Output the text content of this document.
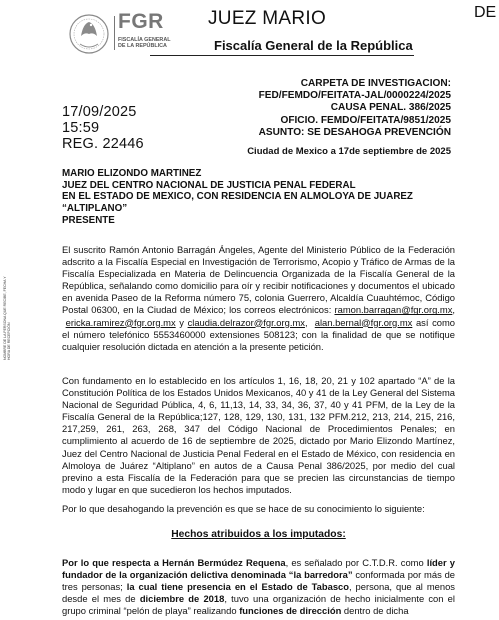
FGR
FISCALÍA GENERAL
DE LA REPÚBLICA
JUEZ MARIO	DE
Fiscalía General de la República
CARPETA DE INVESTIGACION:
FED/FEMDO/FEITATA-JAL/0000224/2025
CAUSA PENAL. 386/2025
OFICIO. FEMDO/FEITATA/9851/2025
ASUNTO: SE DESAHOGA PREVENCIÓN
17/09/2025
15:59
REG. 22446	Ciudad de Mexico a 17de septiembre de 2025
MARIO ELIZONDO MARTINEZ
JUEZ DEL CENTRO NACIONAL DE JUSTICIA PENAL FEDERAL
EN EL ESTADO DE MEXICO, CON RESIDENCIA EN ALMOLOYA DE JUAREZ
“ALTIPLANO”
PRESENTE
NOMBRE DE LA PERSONA QUE RECIBE, FECHA Y HORA DE RECEPCIÓN
El suscrito Ramón Antonio Barragán Ángeles, Agente del Ministerio Público de la Federación adscrito a la Fiscalía Especial en Investigación de Terrorismo, Acopio y Tráfico de Armas de la Fiscalía Especializada en Materia de Delincuencia Organizada de la Fiscalía General de la República, señalando como domicilio para oír y recibir notificaciones y documentos el ubicado en avenida Paseo de la Reforma número 75, colonia Guerrero, Alcaldía Cuauhtémoc, Código Postal 06300, en la Ciudad de México; los correos electrónicos: ramon.barragan@fgr.org.mx,  ericka.ramirez@fgr.org.mx y claudia.delrazor@fgr.org.mx,  alan.bernal@fgr.org.mx así como el número telefónico 5553460000 extensiones 508123; con la finalidad de que se notifique cualquier resolución dictada en atención a la presente petición.
Con fundamento en lo establecido en los artículos 1, 16, 18, 20, 21 y 102 apartado “A” de la Constitución Política de los Estados Unidos Mexicanos, 40 y 41 de la Ley General del Sistema Nacional de Seguridad Pública, 4, 6, 11,13, 14, 33, 34, 36, 37, 40 y 41 PFM, de la Ley de la Fiscalía General de la República;127, 128, 129, 130, 131, 132 PFM.212, 213, 214, 215, 216, 217,259, 261, 263, 268, 347 del Código Nacional de Procedimientos Penales; en cumplimiento al acuerdo de 16 de septiembre de 2025, dictado por Mario Elizondo Martínez, Juez del Centro Nacional de Justicia Penal Federal en el Estado de México, con residencia en Almoloya de Juárez “Altiplano” en autos de a Causa Penal 386/2025, por medio del cual previno a esta Fiscalía de la Federación para que se precien las circunstancias de tiempo modo y lugar en que sucedieron los hechos imputados.
Por lo que desahogando la prevención es que se hace de su conocimiento lo siguiente:
Hechos atribuidos a los imputados:
Por lo que respecta a Hernán Bermúdez Requena, es señalado por C.T.D.R. como líder y fundador de la organización delictiva denominada “la barredora” conformada por más de tres personas; la cual tiene presencia en el Estado de Tabasco, persona, que al menos desde el mes de diciembre de 2018, tuvo una organización de hecho inicialmente con el grupo criminal “pelón de playa” realizando funciones de dirección dentro de dicha
